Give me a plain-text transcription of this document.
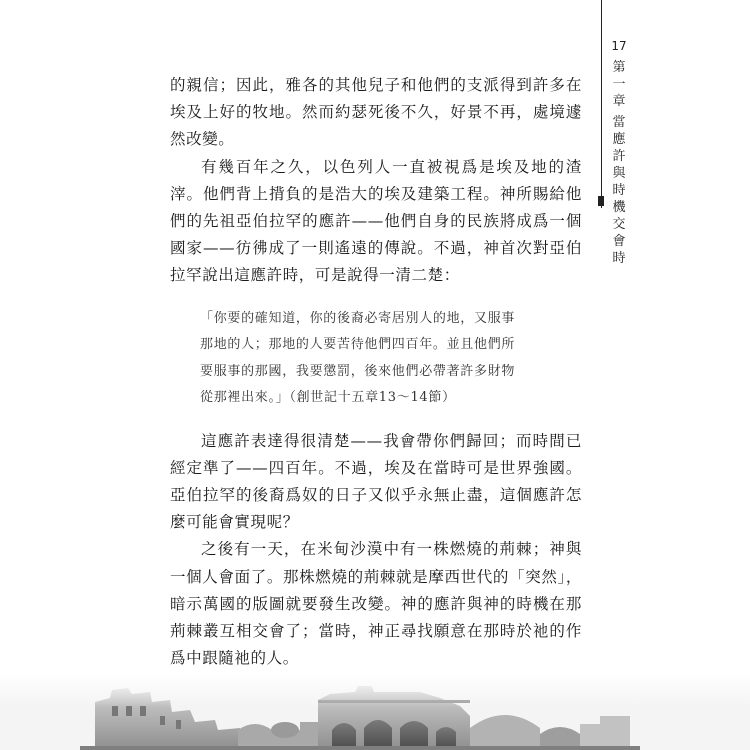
17
第一章
當應許與時機交會時

的親信；因此，雅各的其他兒子和他們的支派得到許多在埃及上好的牧地。然而約瑟死後不久，好景不再，處境遽然改變。

有幾百年之久，以色列人一直被視爲是埃及地的渣滓。他們背上揹負的是浩大的埃及建築工程。神所賜給他們的先祖亞伯拉罕的應許——他們自身的民族將成爲一個國家——彷彿成了一則遙遠的傳說。不過，神首次對亞伯拉罕說出這應許時，可是說得一清二楚：

「你要的確知道，你的後裔必寄居別人的地，又服事那地的人；那地的人要苦待他們四百年。並且他們所要服事的那國，我要懲罰，後來他們必帶著許多財物從那裡出來。」（創世記十五章13～14節）

這應許表達得很清楚——我會帶你們歸回；而時間已經定準了——四百年。不過，埃及在當時可是世界強國。亞伯拉罕的後裔爲奴的日子又似乎永無止盡，這個應許怎麼可能會實現呢？

之後有一天，在米甸沙漠中有一株燃燒的荊棘；神與一個人會面了。那株燃燒的荊棘就是摩西世代的「突然」，暗示萬國的版圖就要發生改變。神的應許與神的時機在那荊棘叢互相交會了；當時，神正尋找願意在那時於祂的作爲中跟隨祂的人。
